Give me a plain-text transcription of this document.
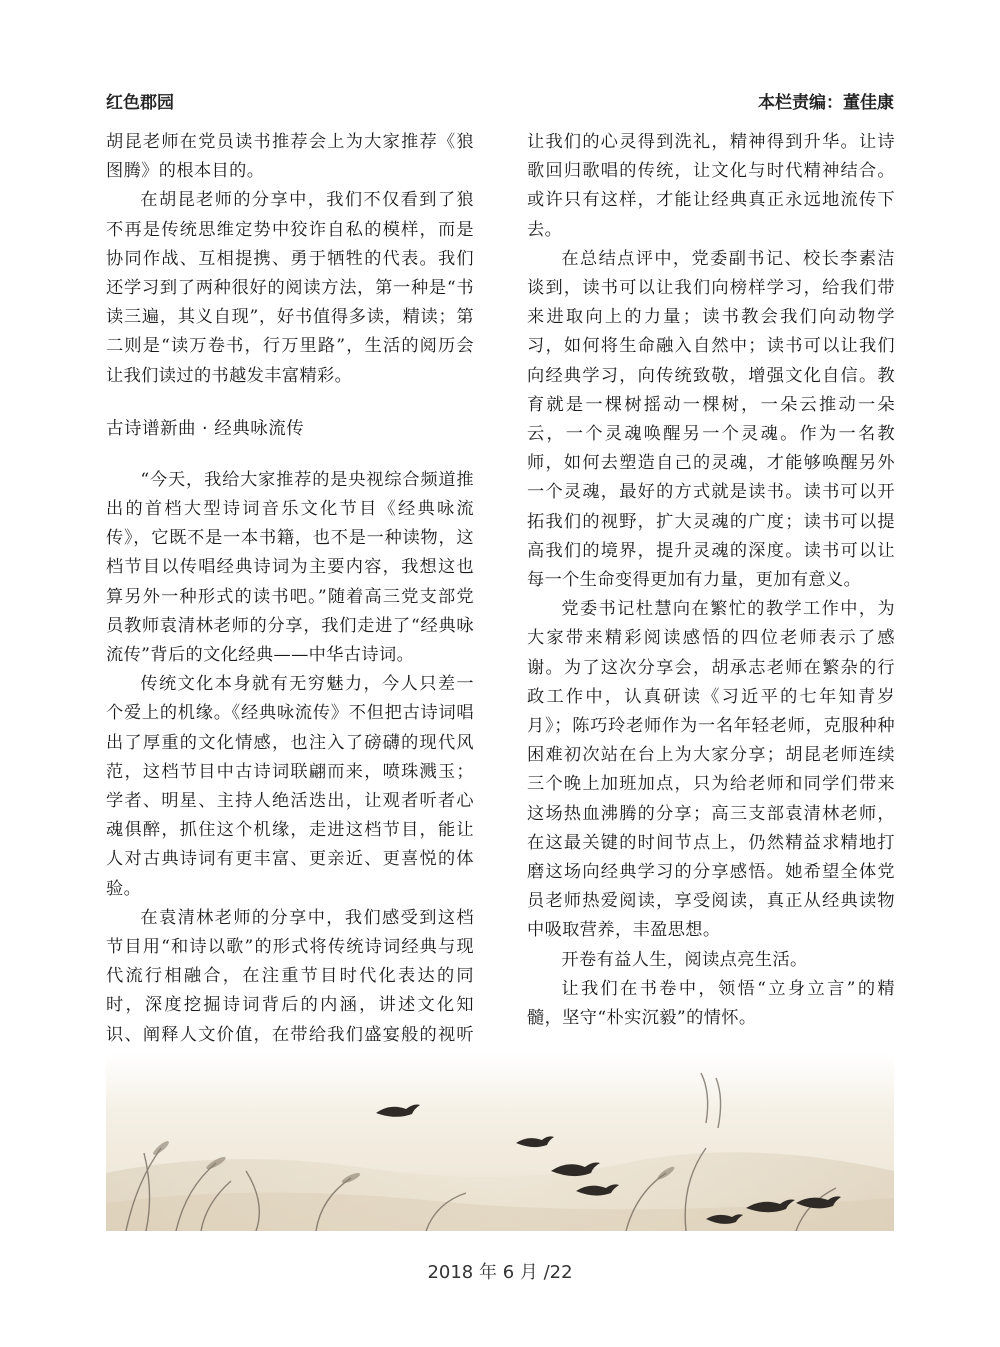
红色郡园	本栏责编：董佳康

胡昆老师在党员读书推荐会上为大家推荐《狼图腾》的根本目的。

在胡昆老师的分享中，我们不仅看到了狼不再是传统思维定势中狡诈自私的模样，而是协同作战、互相提携、勇于牺牲的代表。我们还学习到了两种很好的阅读方法，第一种是“书读三遍，其义自现”，好书值得多读，精读；第二则是“读万卷书，行万里路”，生活的阅历会让我们读过的书越发丰富精彩。

古诗谱新曲 · 经典咏流传

“今天，我给大家推荐的是央视综合频道推出的首档大型诗词音乐文化节目《经典咏流传》，它既不是一本书籍，也不是一种读物，这档节目以传唱经典诗词为主要内容，我想这也算另外一种形式的读书吧。”随着高三党支部党员教师袁清林老师的分享，我们走进了“经典咏流传”背后的文化经典——中华古诗词。

传统文化本身就有无穷魅力，今人只差一个爱上的机缘。《经典咏流传》不但把古诗词唱出了厚重的文化情感，也注入了磅礴的现代风范，这档节目中古诗词联翩而来，喷珠溅玉；学者、明星、主持人绝活迭出，让观者听者心魂俱醉，抓住这个机缘，走进这档节目，能让人对古典诗词有更丰富、更亲近、更喜悦的体验。

在袁清林老师的分享中，我们感受到这档节目用“和诗以歌”的形式将传统诗词经典与现代流行相融合，在注重节目时代化表达的同时，深度挖掘诗词背后的内涵，讲述文化知识、阐释人文价值，在带给我们盛宴般的视听

让我们的心灵得到洗礼，精神得到升华。让诗歌回归歌唱的传统，让文化与时代精神结合。或许只有这样，才能让经典真正永远地流传下去。

在总结点评中，党委副书记、校长李素洁谈到，读书可以让我们向榜样学习，给我们带来进取向上的力量；读书教会我们向动物学习，如何将生命融入自然中；读书可以让我们向经典学习，向传统致敬，增强文化自信。教育就是一棵树摇动一棵树，一朵云推动一朵云，一个灵魂唤醒另一个灵魂。作为一名教师，如何去塑造自己的灵魂，才能够唤醒另外一个灵魂，最好的方式就是读书。读书可以开拓我们的视野，扩大灵魂的广度；读书可以提高我们的境界，提升灵魂的深度。读书可以让每一个生命变得更加有力量，更加有意义。

党委书记杜慧向在繁忙的教学工作中，为大家带来精彩阅读感悟的四位老师表示了感谢。为了这次分享会，胡承志老师在繁杂的行政工作中，认真研读《习近平的七年知青岁月》；陈巧玲老师作为一名年轻老师，克服种种困难初次站在台上为大家分享；胡昆老师连续三个晚上加班加点，只为给老师和同学们带来这场热血沸腾的分享；高三支部袁清林老师，在这最关键的时间节点上，仍然精益求精地打磨这场向经典学习的分享感悟。她希望全体党员老师热爱阅读，享受阅读，真正从经典读物中吸取营养，丰盈思想。

开卷有益人生，阅读点亮生活。

让我们在书卷中，领悟“立身立言”的精髓，坚守“朴实沉毅”的情怀。

2018 年 6 月 /22
